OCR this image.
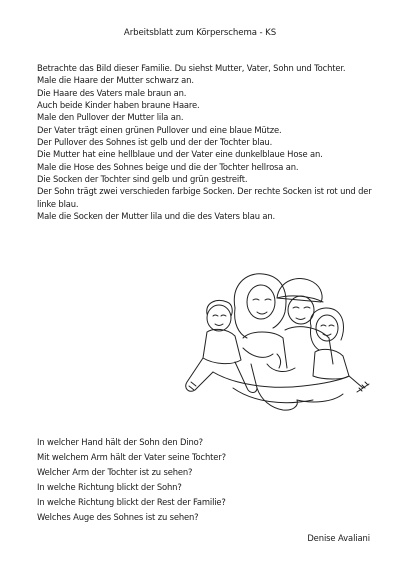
Arbeitsblatt zum Körperschema - KS
Betrachte das Bild dieser Familie. Du siehst Mutter, Vater, Sohn und Tochter.
Male die Haare der Mutter schwarz an.
Die Haare des Vaters male braun an.
Auch beide Kinder haben braune Haare.
Male den Pullover der Mutter lila an.
Der Vater trägt einen grünen Pullover und eine blaue Mütze.
Der Pullover des Sohnes ist gelb und der der Tochter blau.
Die Mutter hat eine hellblaue und der Vater eine dunkelblaue Hose an.
Male die Hose des Sohnes beige und die der Tochter hellrosa an.
Die Socken der Tochter sind gelb und grün gestreift.
Der Sohn trägt zwei verschieden farbige Socken. Der rechte Socken ist rot und der linke blau.
Male die Socken der Mutter lila und die des Vaters blau an.
In welcher Hand hält der Sohn den Dino?
Mit welchem Arm hält der Vater seine Tochter?
Welcher Arm der Tochter ist zu sehen?
In welche Richtung blickt der Sohn?
In welche Richtung blickt der Rest der Familie?
Welches Auge des Sohnes ist zu sehen?
Denise Avaliani
